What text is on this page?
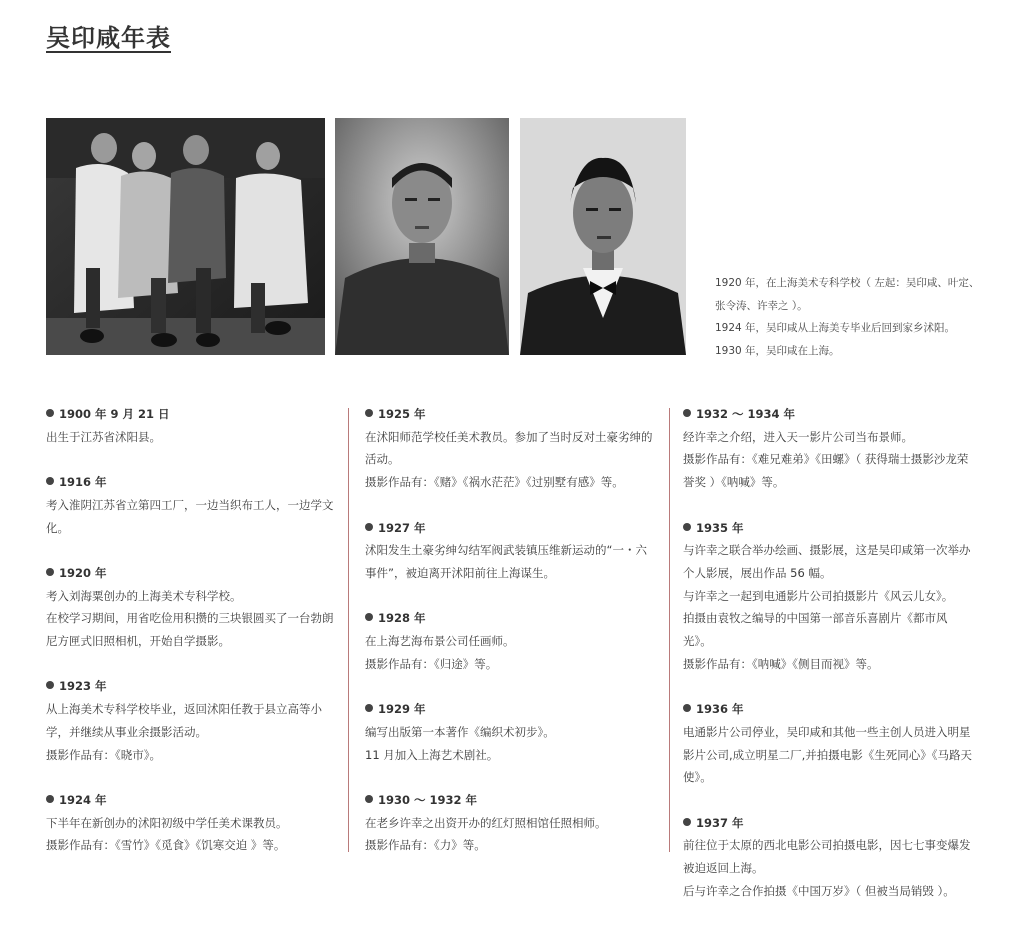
吴印咸年表

1920 年，在上海美术专科学校（ 左起：吴印咸、叶定、张令涛、许幸之 ）。

1924 年，吴印咸从上海美专毕业后回到家乡沭阳。

1930 年，吴印咸在上海。

1900 年 9 月 21 日

出生于江苏省沭阳县。

1916 年

考入淮阴江苏省立第四工厂，一边当织布工人，一边学文化。

1920 年

考入刘海粟创办的上海美术专科学校。

在校学习期间，用省吃俭用积攒的三块银圆买了一台勃朗尼方匣式旧照相机，开始自学摄影。

1923 年

从上海美术专科学校毕业，返回沭阳任教于县立高等小学，并继续从事业余摄影活动。

摄影作品有：《晓市》。

1924 年

下半年在新创办的沭阳初级中学任美术课教员。

摄影作品有：《雪竹》《觅食》《饥寒交迫 》等。

1925 年

在沭阳师范学校任美术教员。参加了当时反对土豪劣绅的活动。

摄影作品有：《赌》《祸水茫茫》《过别墅有感》等。

1927 年

沭阳发生土豪劣绅勾结军阀武装镇压维新运动的“一・六事件”，被迫离开沭阳前往上海谋生。

1928 年

在上海艺海布景公司任画师。

摄影作品有：《归途》等。

1929 年

编写出版第一本著作《编织术初步》。

11 月加入上海艺术剧社。

1930 ～ 1932 年

在老乡许幸之出资开办的红灯照相馆任照相师。

摄影作品有：《力》等。

1932 ～ 1934 年

经许幸之介绍，进入天一影片公司当布景师。

摄影作品有：《难兄难弟》《田螺》（ 获得瑞士摄影沙龙荣誉奖 ）《呐喊》等。

1935 年

与许幸之联合举办绘画、摄影展，这是吴印咸第一次举办个人影展，展出作品 56 幅。

与许幸之一起到电通影片公司拍摄影片《风云儿女》。

拍摄由袁牧之编导的中国第一部音乐喜剧片《都市风光》。

摄影作品有：《呐喊》《侧目而视》等。

1936 年

电通影片公司停业，吴印咸和其他一些主创人员进入明星影片公司,成立明星二厂,并拍摄电影《生死同心》《马路天使》。

1937 年

前往位于太原的西北电影公司拍摄电影，因七七事变爆发被迫返回上海。

后与许幸之合作拍摄《中国万岁》（ 但被当局销毁 ）。
